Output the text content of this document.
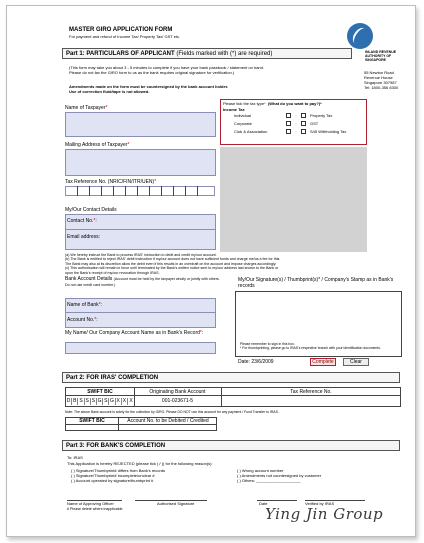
MASTER GIRO APPLICATION FORM
For payment and refund of Income Tax/ Property Tax/ GST etc.
INLAND REVENUE AUTHORITY OF SINGAPORE
55 Newton Road
Revenue House
Singapore 307987
Tel: 1800-356 8300
Part 1: PARTICULARS OF APPLICANT (Fields marked with (*) are required)
(This form may take you about 3 - 5 minutes to complete if you have your bank passbook / statement on hand.
Please do not fax the GIRO form to us as the bank requires original signature for verification.)
Amendments made on the form must be countersigned by the bank account holder.
Use of correction fluid/tape is not allowed.
Name of Taxpayer*
Please tick the tax type* (What do you want to pay?)*
Income Tax
Individual
Corporate
Club & Association
Property Tax
GST
S45 Withholding Tax
Mailing Address of Taxpayer*
Tax Reference No. (NRIC/FIN/ITR/UEN)*
My/Our Contact Details
Contact No.*:
Email address:
(a) We hereby instruct the Bank to process IRAS' instruction to debit and credit my/our account.
(b) The Bank is entitled to reject IRAS' debit instruction if my/our account does not have sufficient funds and charge me/us a fee for this.
The Bank may also at its discretion allow the debit even if this results in an overdraft on the account and impose charges accordingly.
(c) This authorisation will remain in force until terminated by the Bank's written notice sent to my/our address last known to the Bank or
upon the Bank's receipt of my/our revocation through IRAS.
Bank Account Details (Account must be held by the taxpayer wholly or jointly with others. Do not use credit card number.)
Name of Bank*:
Account No.*:
My Name/ Our Company Account Name as in Bank's Record*:
My/Our Signature(s) / Thumbprint(s)* / Company's Stamp as in Bank's records
Please remember to sign in this box.
* For thumbprinting, please go to IRAS's respective branch with your identification documents.
Date: 23/6/2009	Complete	Clear
Part 2: FOR IRAS' COMPLETION
SWIFT BIC	Originating Bank Account	Tax Reference No.
D B S S S G S G X X X	001-023671-5
Note: The above Bank account is solely for the collection by GIRO. Please DO NOT use this account for any payment / Fund Transfer to IRAS.
SWIFT BIC	Account No. to be Debited / Credited
Part 3: FOR BANK'S COMPLETION
To: IRAS
This Application is hereby REJECTED (please tick (✓)) for the following reason(s):
( ) Signature/Thumbprint# differs from Bank's records
( ) Signature/Thumbprint# incomplete/unclear #
( ) Account operated by signature/thumbprint #
( ) Wrong account number
( ) Amendments not countersigned by customer
( ) Others: ____________________
Name of Approving Officer	Authorised Signature	Date	Verified by IRAS
# Please delete where inapplicable	Ying Jin Group
